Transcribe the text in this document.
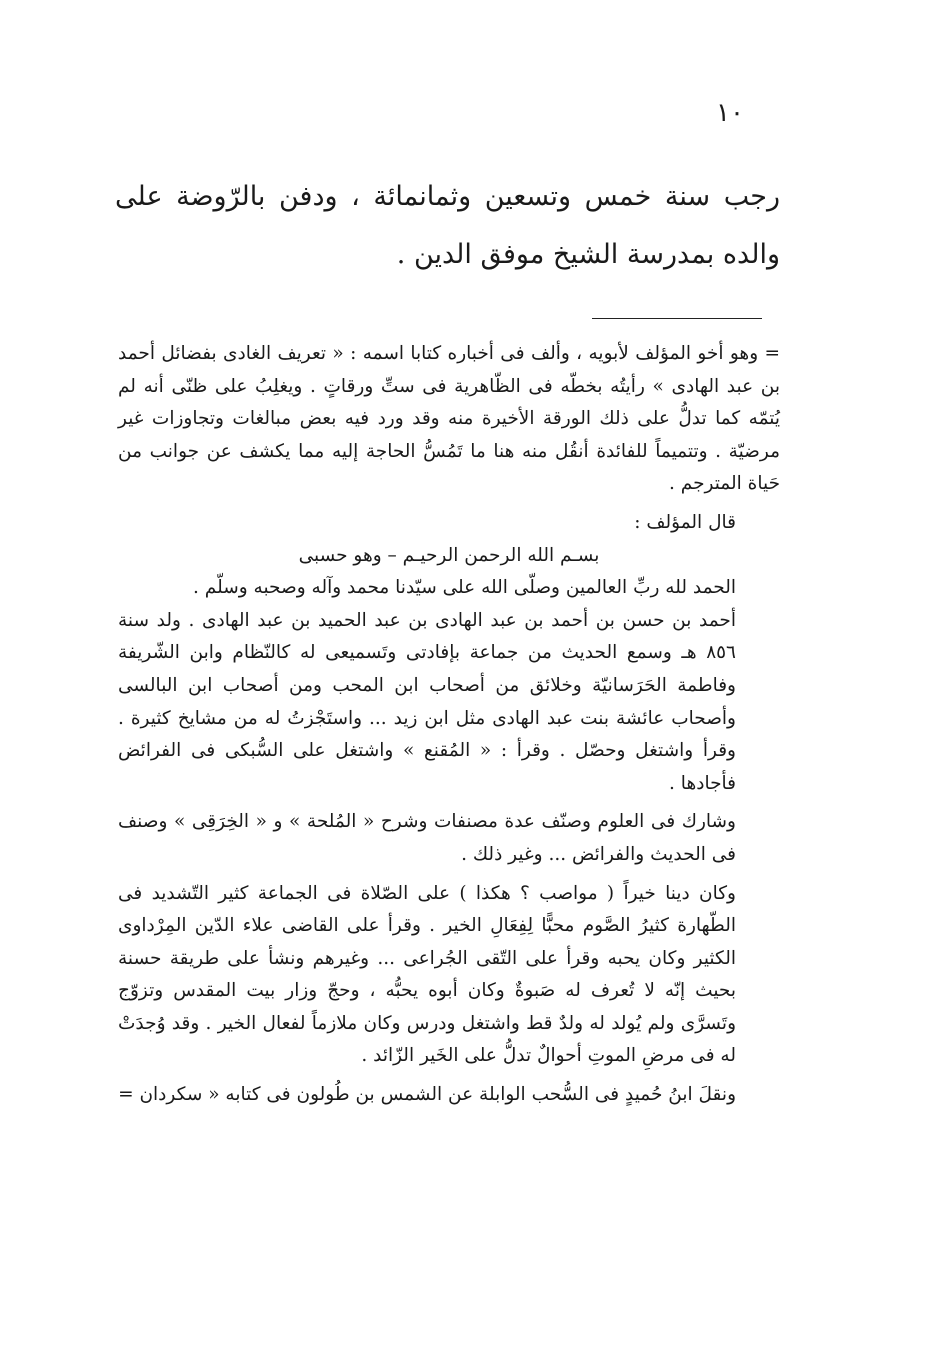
١٠

رجب سنة خمس وتسعين وثمانمائة ، ودفن بالرّوضة على والده بمدرسة الشيخ موفق الدين .

= وهو أخو المؤلف لأبويه ، وألف فى أخباره كتابا اسمه : « تعريف الغادى بفضائل أحمد بن عبد الهادى » رأيتُه بخطّه فى الظّاهرية فى ستِّ ورقاتٍ . ويغلِبُ على ظنّى أنه لم يُتمّه كما تدلُّ على ذلك الورقة الأخيرة منه وقد ورد فيه بعض مبالغات وتجاوزات غير مرضيّة . وتتميماً للفائدة أنقُل منه هنا ما تَمُسُّ الحاجة إليه مما يكشف عن جوانب من حَياة المترجم .

قال المؤلف :

بسـم الله الرحمن الرحيـم – وهو حسبى

الحمد لله ربِّ العالمين وصلّى الله على سيّدنا محمد وآله وصحبه وسلّم .

أحمد بن حسن بن أحمد بن عبد الهادى بن عبد الحميد بن عبد الهادى . ولد سنة ٨٥٦ هـ وسمع الحديث من جماعة بإفادتى وتَسميعى له كالنّظام وابن الشّريفة وفاطمة الحَرَسانيّة وخلائق من أصحاب ابن المحب ومن أصحاب ابن البالسى وأصحاب عائشة بنت عبد الهادى مثل ابن زيد ... واستَجْزتُ له من مشايخ كثيرة . وقرأ واشتغل وحصّل . وقرأ : « المُقنع » واشتغل على السُّبكى فى الفرائض فأجادها .

وشارك فى العلوم وصنّف عدة مصنفات وشرح « المُلحة » و « الخِرَقِى » وصنف فى الحديث والفرائض ... وغير ذلك .

وكان دينا خيراً ( مواصب ؟ هكذا ) على الصّلاة فى الجماعة كثير التّشديد فى الطّهارة كثيرُ الصَّوم محبًّا لِفِعَالِ الخير . وقرأ على القاضى علاء الدّين المِرْداوى الكثير وكان يحبه وقرأ على التّقى الجُراعى ... وغيرهم ونشأ على طريقة حسنة بحيث إنّه لا تُعرف له صَبوةٌ وكان أبوه يحبُّه ، وحجّ وزار بيت المقدس وتزوّج وتَسرَّى ولم يُولد له ولدٌ قط واشتغل ودرس وكان ملازماً لفعال الخير . وقد وُجدَتْ له فى مرضِ الموتِ أحوالٌ تدلُّ على الخَير الزّائد .

ونقلَ ابنُ حُميدٍ فى السُّحب الوابلة عن الشمس بن طُولون فى كتابه « سكردان =
